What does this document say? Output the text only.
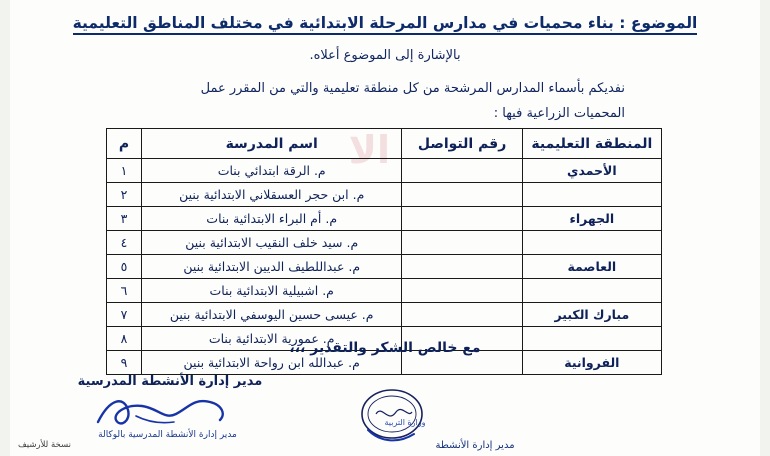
الموضوع : بناء محميات في مدارس المرحلة الابتدائية في مختلف المناطق التعليمية
بالإشارة إلى الموضوع أعلاه.
نفديكم بأسماء المدارس المرشحة من كل منطقة تعليمية والتي من المقرر عمل
المحميات الزراعية فيها :
الا	المنطقة التعليمية	رقم التواصل	اسم المدرسة	م
الأحمدي		م. الرقة ابتدائي بنات	١
		م. ابن حجر العسقلاني الابتدائية بنين	٢
الجهراء		م. أم البراء الابتدائية بنات	٣
		م. سيد خلف النقيب الابتدائية بنين	٤
العاصمة		م. عبداللطيف الديين الابتدائية بنين	٥
		م. اشبيلية الابتدائية بنات	٦
مبارك الكبير		م. عيسى حسين اليوسفي الابتدائية بنين	٧
		م. عمورية الابتدائية بنات	٨
الفروانية		م. عبدالله ابن رواحة الابتدائية بنين	٩
مع خالص الشكر والتقدير ،،،
مدير إدارة الأنشطة المدرسية
مدير إدارة الأنشطة المدرسية بالوكالة
وزارة التربية
مدير إدارة الأنشطة
نسخة للأرشيف
